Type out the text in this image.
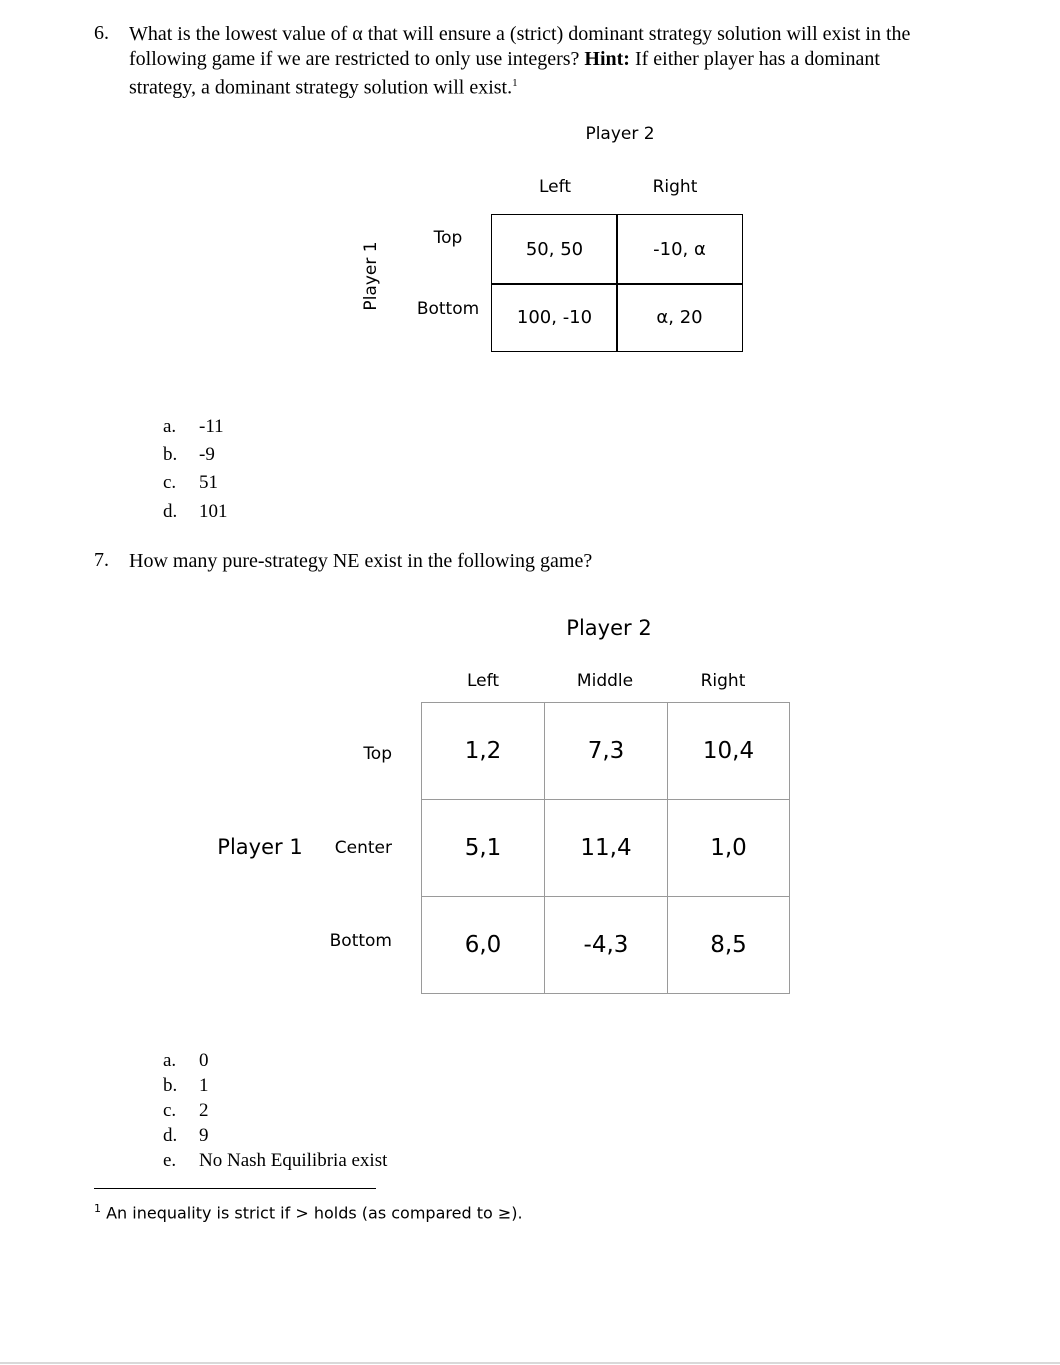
6. What is the lowest value of α that will ensure a (strict) dominant strategy solution will exist in the
following game if we are restricted to only use integers? Hint: If either player has a dominant
strategy, a dominant strategy solution will exist.$^1$
Player 2
Left	Right
Player 1
Top
Bottom
50, 50	-10, α
100, -10	α, 20
a. -11
b. -9
c. 51
d. 101
7. How many pure-strategy NE exist in the following game?
Player 2
Left	Middle	Right
Player 1
Top
Center
Bottom
1,2	7,3	10,4
5,1	11,4	1,0
6,0	-4,3	8,5
a. 0
b. 1
c. 2
d. 9
e. No Nash Equilibria exist
$^1$ An inequality is strict if > holds (as compared to ≥).
